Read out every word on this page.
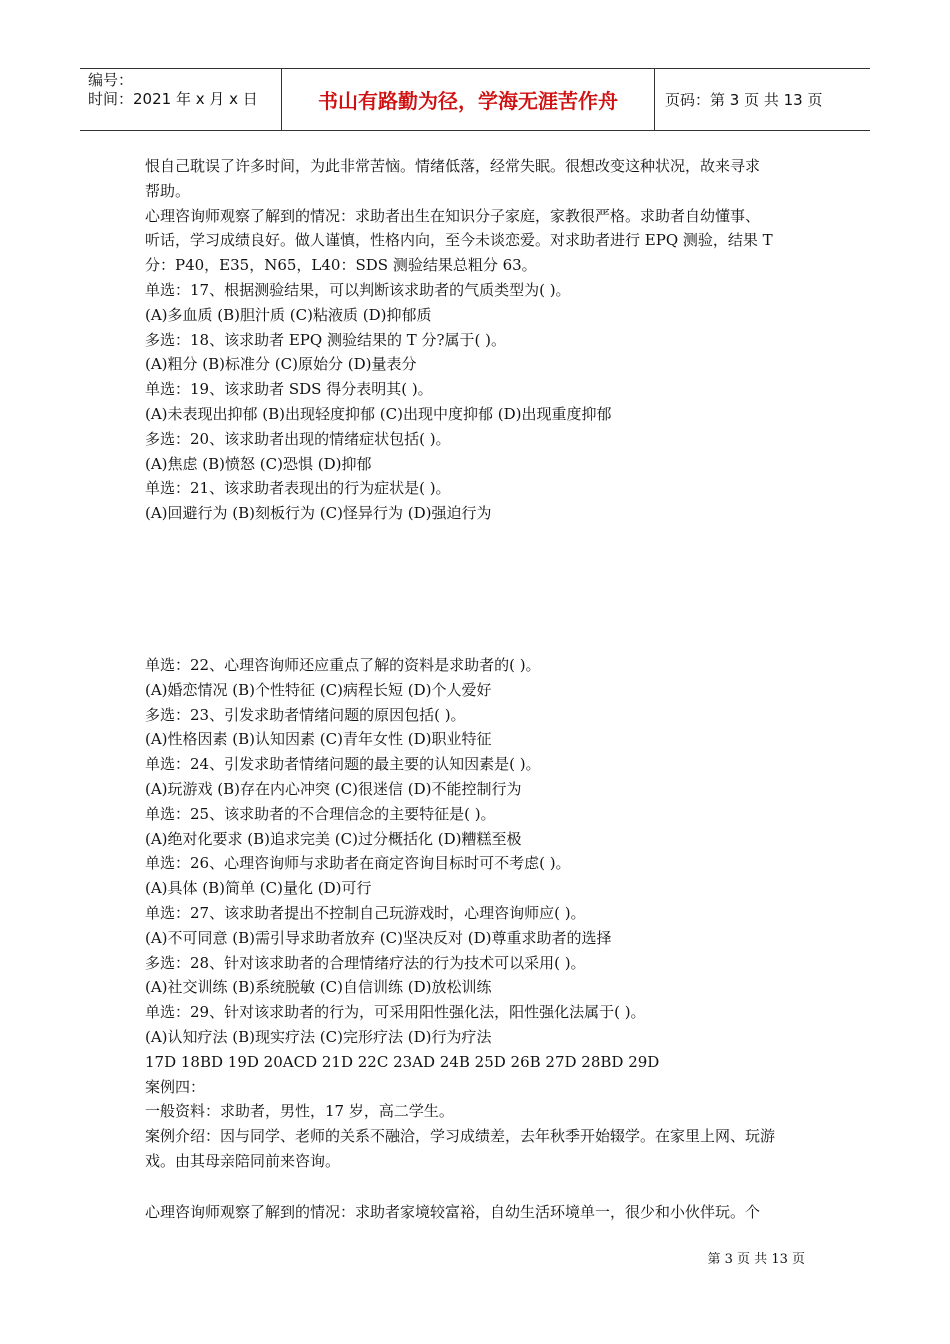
编号：
时间：2021 年 x 月 x 日	书山有路勤为径，学海无涯苦作舟	页码：第 3 页 共 13 页
恨自己耽误了许多时间，为此非常苦恼。情绪低落，经常失眠。很想改变这种状况，故来寻求
帮助。
心理咨询师观察了解到的情况：求助者出生在知识分子家庭，家教很严格。求助者自幼懂事、
听话，学习成绩良好。做人谨慎，性格内向，至今未谈恋爱。对求助者进行 EPQ 测验，结果 T
分：P40，E35，N65，L40：SDS 测验结果总粗分 63。
单选：17、根据测验结果，可以判断该求助者的气质类型为( )。
(A)多血质 (B)胆汁质 (C)粘液质 (D)抑郁质
多选：18、该求助者 EPQ 测验结果的 T 分?属于( )。
(A)粗分 (B)标准分 (C)原始分 (D)量表分
单选：19、该求助者 SDS 得分表明其( )。
(A)未表现出抑郁 (B)出现轻度抑郁 (C)出现中度抑郁 (D)出现重度抑郁
多选：20、该求助者出现的情绪症状包括( )。
(A)焦虑 (B)愤怒 (C)恐惧 (D)抑郁
单选：21、该求助者表现出的行为症状是( )。
(A)回避行为 (B)刻板行为 (C)怪异行为 (D)强迫行为
单选：22、心理咨询师还应重点了解的资料是求助者的( )。
(A)婚恋情况 (B)个性特征 (C)病程长短 (D)个人爱好
多选：23、引发求助者情绪问题的原因包括( )。
(A)性格因素 (B)认知因素 (C)青年女性 (D)职业特征
单选：24、引发求助者情绪问题的最主要的认知因素是( )。
(A)玩游戏 (B)存在内心冲突 (C)很迷信 (D)不能控制行为
单选：25、该求助者的不合理信念的主要特征是( )。
(A)绝对化要求 (B)追求完美 (C)过分概括化 (D)糟糕至极
单选：26、心理咨询师与求助者在商定咨询目标时可不考虑( )。
(A)具体 (B)简单 (C)量化 (D)可行
单选：27、该求助者提出不控制自己玩游戏时，心理咨询师应( )。
(A)不可同意 (B)需引导求助者放弃 (C)坚决反对 (D)尊重求助者的选择
多选：28、针对该求助者的合理情绪疗法的行为技术可以采用( )。
(A)社交训练 (B)系统脱敏 (C)自信训练 (D)放松训练
单选：29、针对该求助者的行为，可采用阳性强化法，阳性强化法属于( )。
(A)认知疗法 (B)现实疗法 (C)完形疗法 (D)行为疗法
17D 18BD 19D 20ACD 21D 22C 23AD 24B 25D 26B 27D 28BD 29D
案例四：
一般资料：求助者，男性，17 岁，高二学生。
案例介绍：因与同学、老师的关系不融洽，学习成绩差，去年秋季开始辍学。在家里上网、玩游
戏。由其母亲陪同前来咨询。
心理咨询师观察了解到的情况：求助者家境较富裕，自幼生活环境单一，很少和小伙伴玩。个
第 3 页 共 13 页
